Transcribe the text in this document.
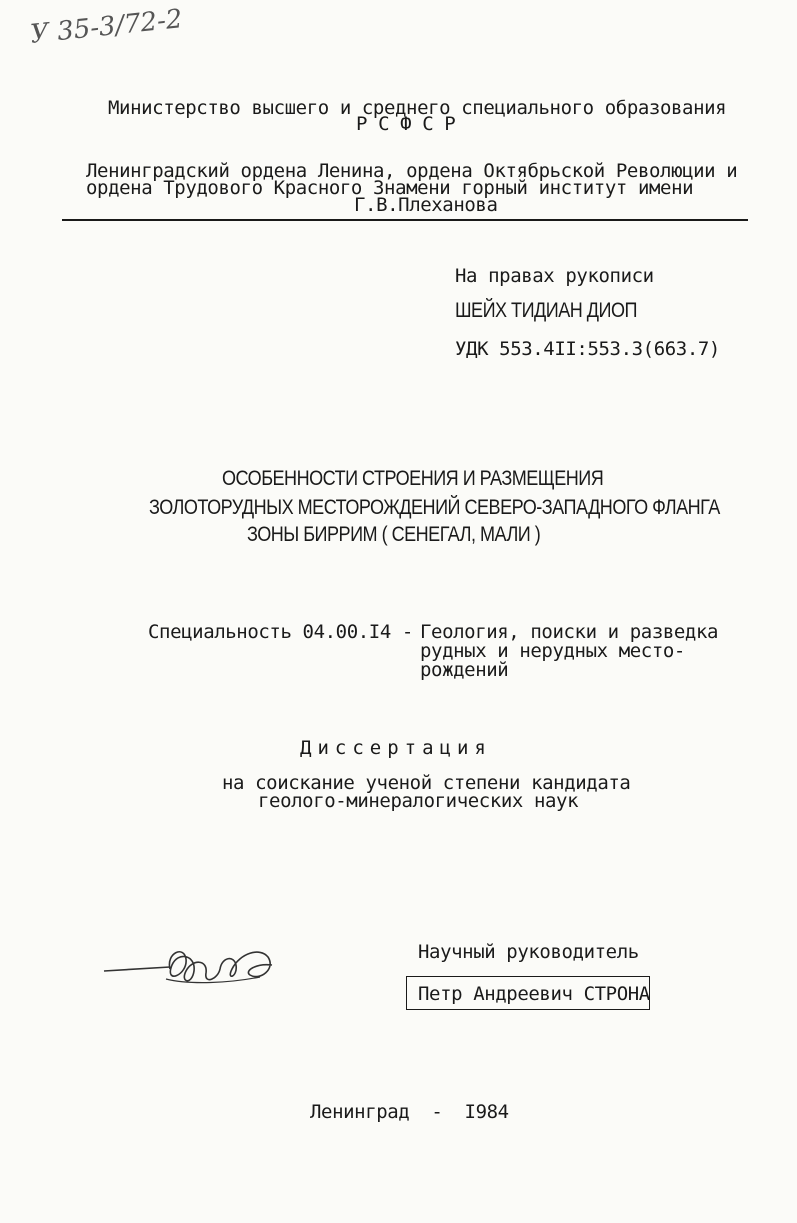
У 35-3/72-2
Министерство высшего и среднего специального образования
Р С Ф С Р
Ленинградский ордена Ленина, ордена Октябрьской Революции и
ордена Трудового Красного Знамени горный институт имени
Г.В.Плеханова
На правах рукописи
ШЕЙХ ТИДИАН ДИОП
УДК 553.4II:553.3(663.7)
ОСОБЕННОСТИ СТРОЕНИЯ И РАЗМЕЩЕНИЯ
ЗОЛОТОРУДНЫХ МЕСТОРОЖДЕНИЙ СЕВЕРО-ЗАПАДНОГО ФЛАНГА
ЗОНЫ БИРРИМ ( СЕНЕГАЛ, МАЛИ )
Специальность 04.00.I4 - Геология, поиски и разведка
рудных и нерудных место-
рождений
Диссертация
на соискание ученой степени кандидата
геолого-минералогических наук
Научный руководитель
Петр Андреевич СТРОНА
Ленинград  -  I984
